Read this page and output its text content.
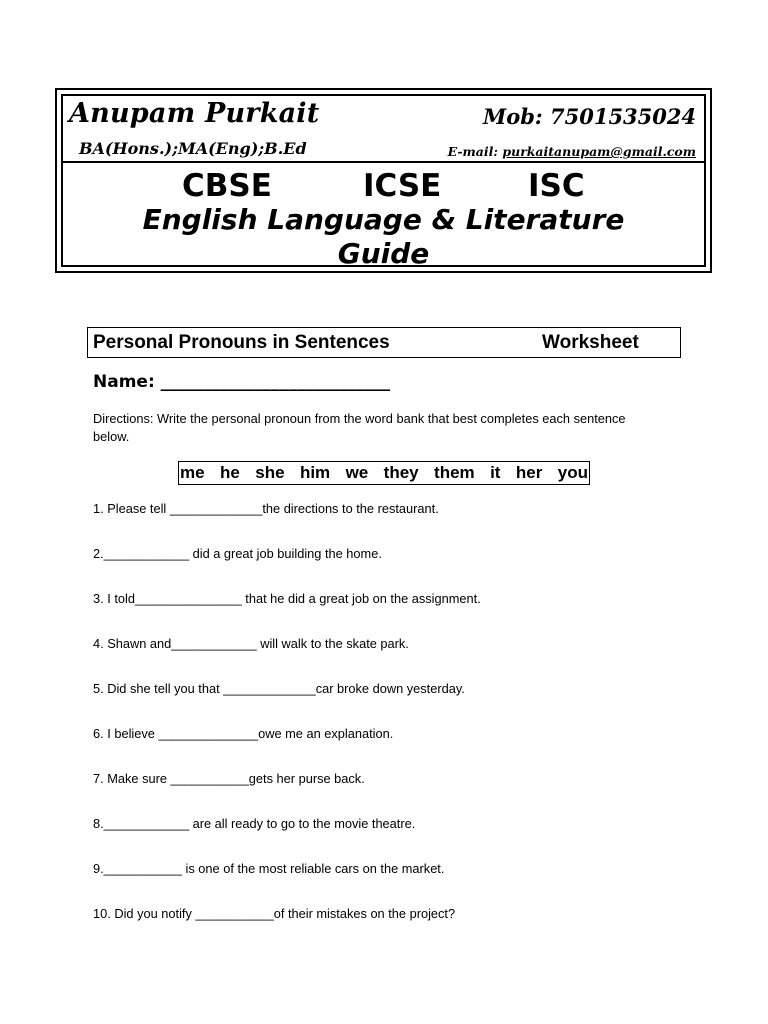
Anupam Purkait	Mob: 7501535024
BA(Hons.);MA(Eng);B.Ed	E-mail: purkaitanupam@gmail.com
CBSE	ICSE	ISC
English Language & Literature
Guide
Personal Pronouns in Sentences	Worksheet
Name: ___________________________
Directions: Write the personal pronoun from the word bank that best completes each sentence below.
me he she him we they them it her you
1. Please tell _____________the directions to the restaurant.
2.____________ did a great job building the home.
3. I told_______________ that he did a great job on the assignment.
4. Shawn and____________ will walk to the skate park.
5. Did she tell you that _____________car broke down yesterday.
6. I believe ______________owe me an explanation.
7. Make sure ___________gets her purse back.
8.____________ are all ready to go to the movie theatre.
9.___________ is one of the most reliable cars on the market.
10. Did you notify ___________of their mistakes on the project?
